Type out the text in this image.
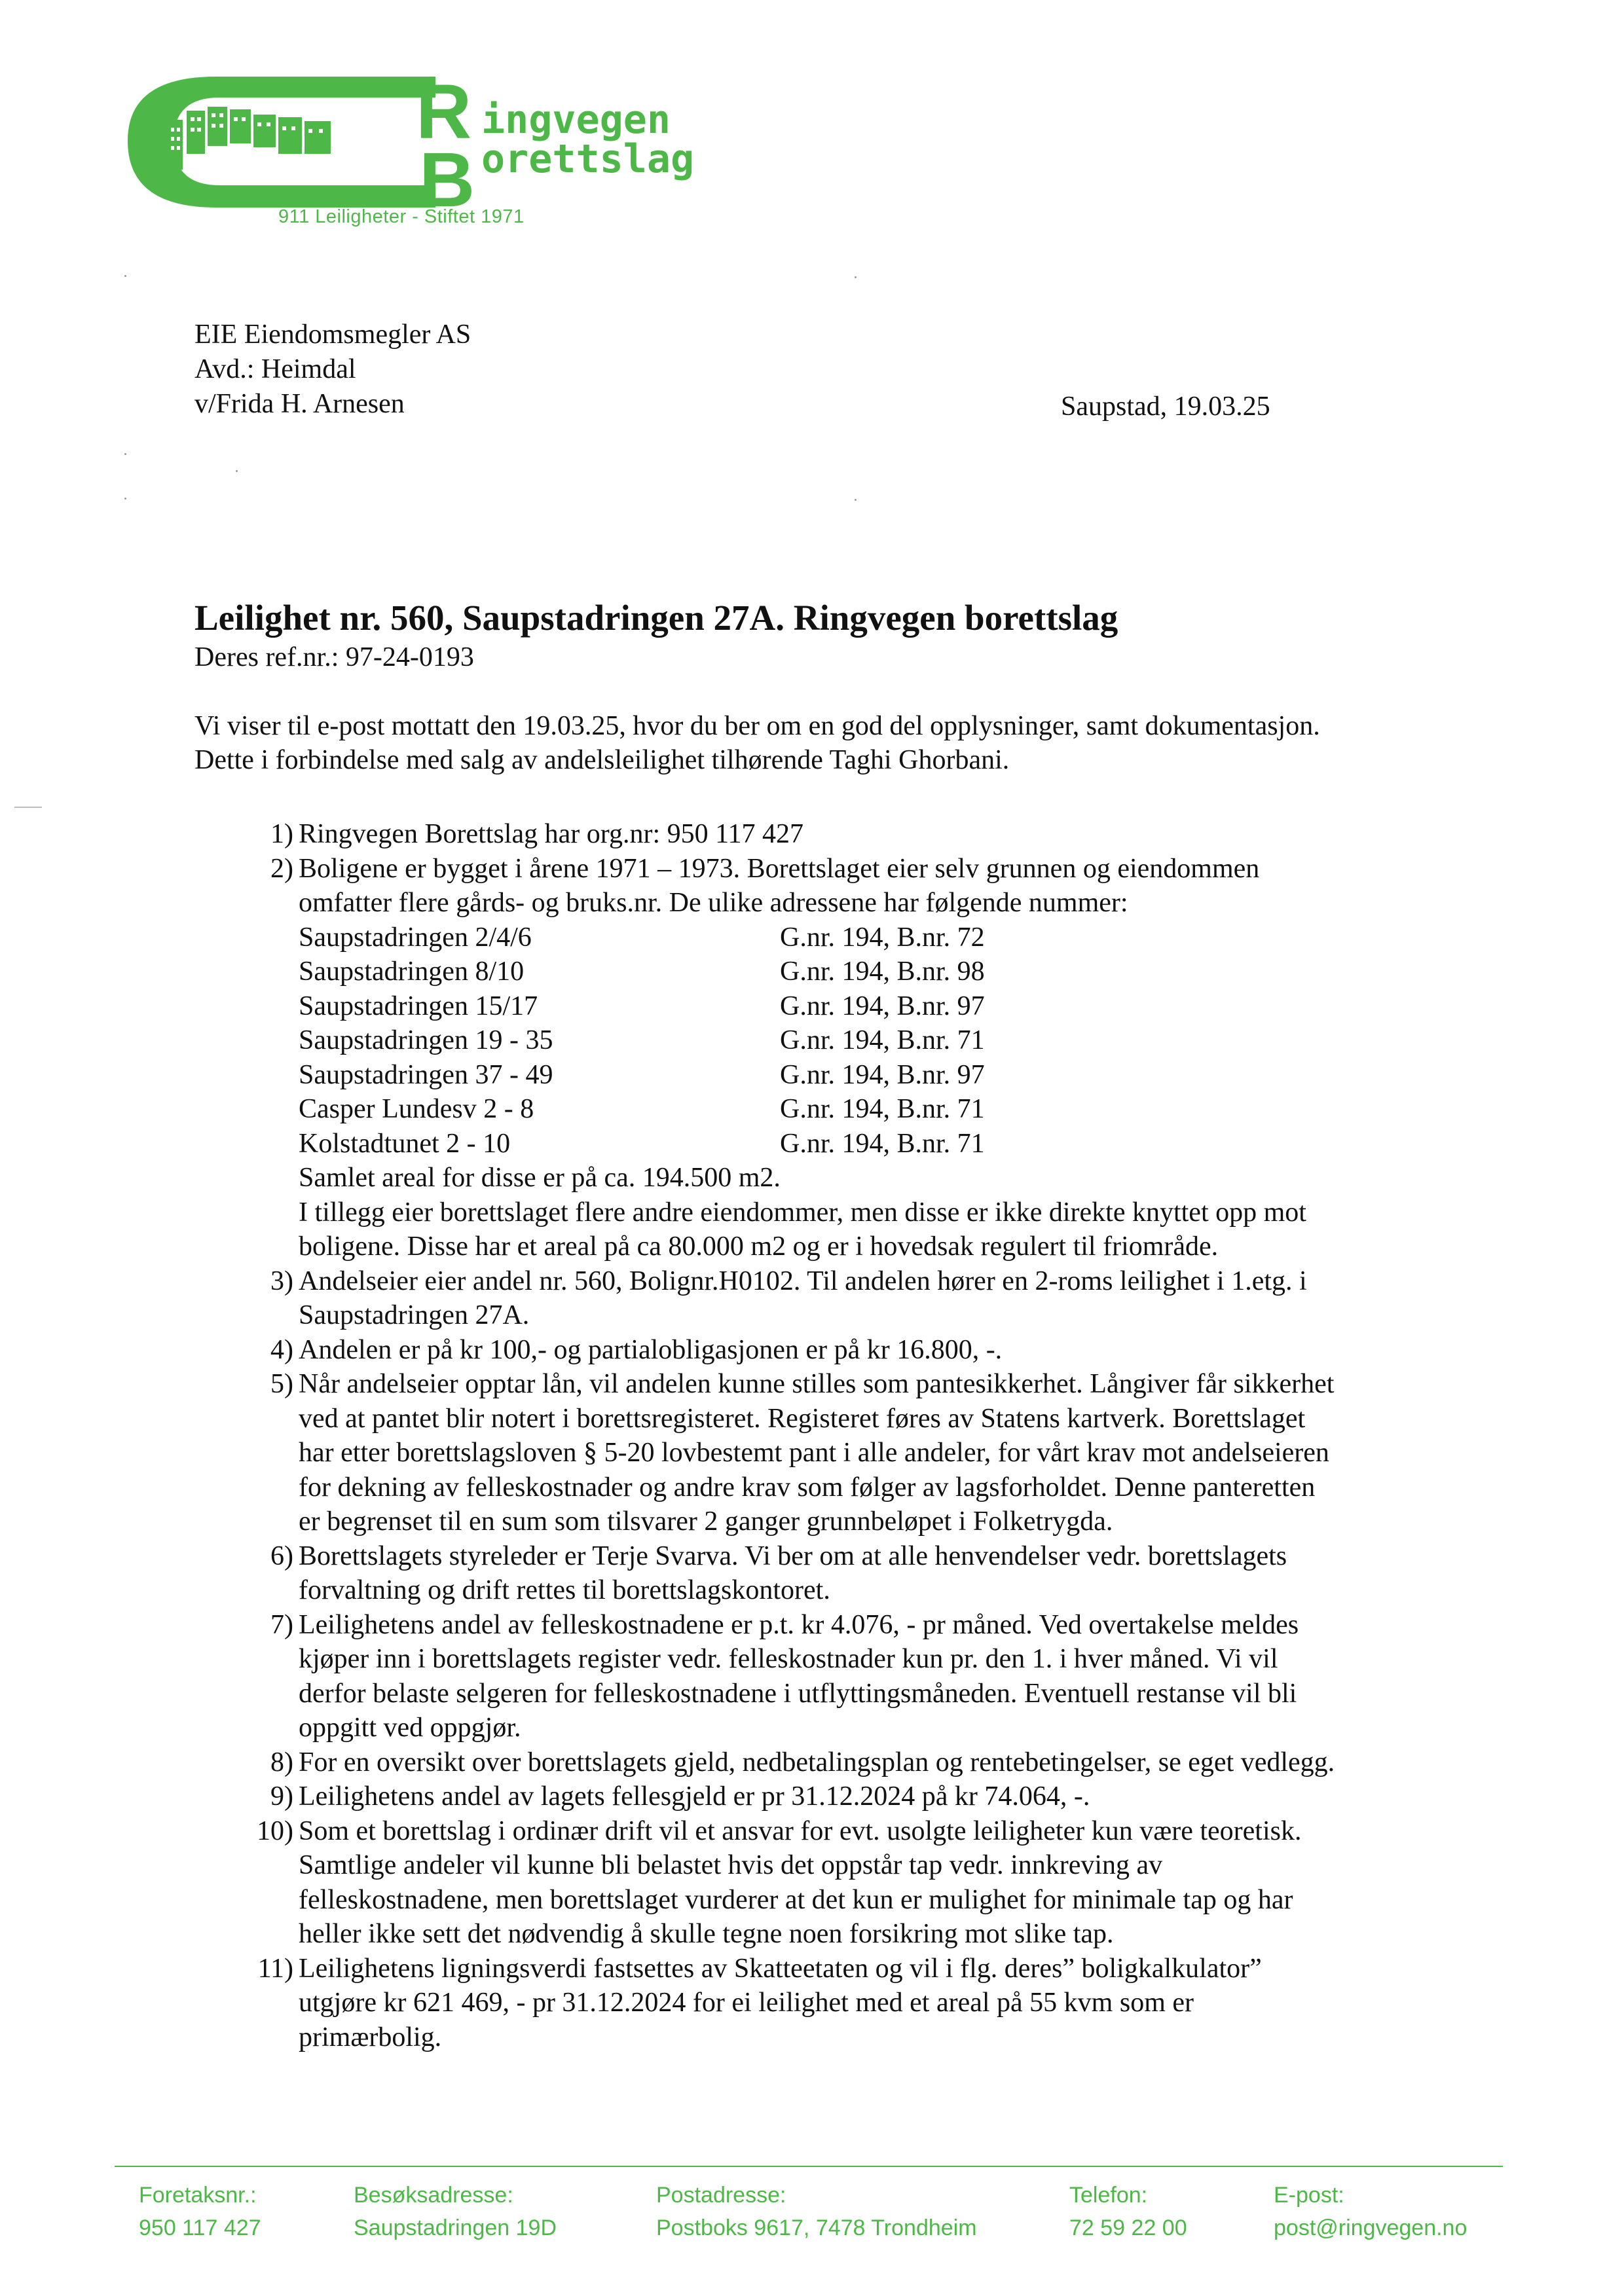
R
B
ingvegen
orettslag
911 Leiligheter - Stiftet 1971
EIE Eiendomsmegler AS
Avd.: Heimdal
v/Frida H. Arnesen	Saupstad, 19.03.25
Leilighet nr. 560, Saupstadringen 27A. Ringvegen borettslag
Deres ref.nr.: 97-24-0193
Vi viser til e-post mottatt den 19.03.25, hvor du ber om en god del opplysninger, samt dokumentasjon.
Dette i forbindelse med salg av andelsleilighet tilhørende Taghi Ghorbani.
1) Ringvegen Borettslag har org.nr: 950 117 427
2) Boligene er bygget i årene 1971 – 1973. Borettslaget eier selv grunnen og eiendommen
omfatter flere gårds- og bruks.nr. De ulike adressene har følgende nummer:
Saupstadringen 2/4/6	G.nr. 194, B.nr. 72
Saupstadringen 8/10	G.nr. 194, B.nr. 98
Saupstadringen 15/17	G.nr. 194, B.nr. 97
Saupstadringen 19 - 35	G.nr. 194, B.nr. 71
Saupstadringen 37 - 49	G.nr. 194, B.nr. 97
Casper Lundesv 2 - 8	G.nr. 194, B.nr. 71
Kolstadtunet 2 - 10	G.nr. 194, B.nr. 71
Samlet areal for disse er på ca. 194.500 m2.
I tillegg eier borettslaget flere andre eiendommer, men disse er ikke direkte knyttet opp mot
boligene. Disse har et areal på ca 80.000 m2 og er i hovedsak regulert til friområde.
3) Andelseier eier andel nr. 560, Bolignr.H0102. Til andelen hører en 2-roms leilighet i 1.etg. i
Saupstadringen 27A.
4) Andelen er på kr 100,- og partialobligasjonen er på kr 16.800, -.
5) Når andelseier opptar lån, vil andelen kunne stilles som pantesikkerhet. Långiver får sikkerhet
ved at pantet blir notert i borettsregisteret. Registeret føres av Statens kartverk. Borettslaget
har etter borettslagsloven § 5-20 lovbestemt pant i alle andeler, for vårt krav mot andelseieren
for dekning av felleskostnader og andre krav som følger av lagsforholdet. Denne panteretten
er begrenset til en sum som tilsvarer 2 ganger grunnbeløpet i Folketrygda.
6) Borettslagets styreleder er Terje Svarva. Vi ber om at alle henvendelser vedr. borettslagets
forvaltning og drift rettes til borettslagskontoret.
7) Leilighetens andel av felleskostnadene er p.t. kr 4.076, - pr måned. Ved overtakelse meldes
kjøper inn i borettslagets register vedr. felleskostnader kun pr. den 1. i hver måned. Vi vil
derfor belaste selgeren for felleskostnadene i utflyttingsmåneden. Eventuell restanse vil bli
oppgitt ved oppgjør.
8) For en oversikt over borettslagets gjeld, nedbetalingsplan og rentebetingelser, se eget vedlegg.
9) Leilighetens andel av lagets fellesgjeld er pr 31.12.2024 på kr 74.064, -.
10) Som et borettslag i ordinær drift vil et ansvar for evt. usolgte leiligheter kun være teoretisk.
Samtlige andeler vil kunne bli belastet hvis det oppstår tap vedr. innkreving av
felleskostnadene, men borettslaget vurderer at det kun er mulighet for minimale tap og har
heller ikke sett det nødvendig å skulle tegne noen forsikring mot slike tap.
11) Leilighetens ligningsverdi fastsettes av Skatteetaten og vil i flg. deres” boligkalkulator”
utgjøre kr 621 469, - pr 31.12.2024 for ei leilighet med et areal på 55 kvm som er
primærbolig.
Foretaksnr.:
950 117 427
Besøksadresse:
Saupstadringen 19D
Postadresse:
Postboks 9617, 7478 Trondheim
Telefon:
72 59 22 00
E-post:
post@ringvegen.no
